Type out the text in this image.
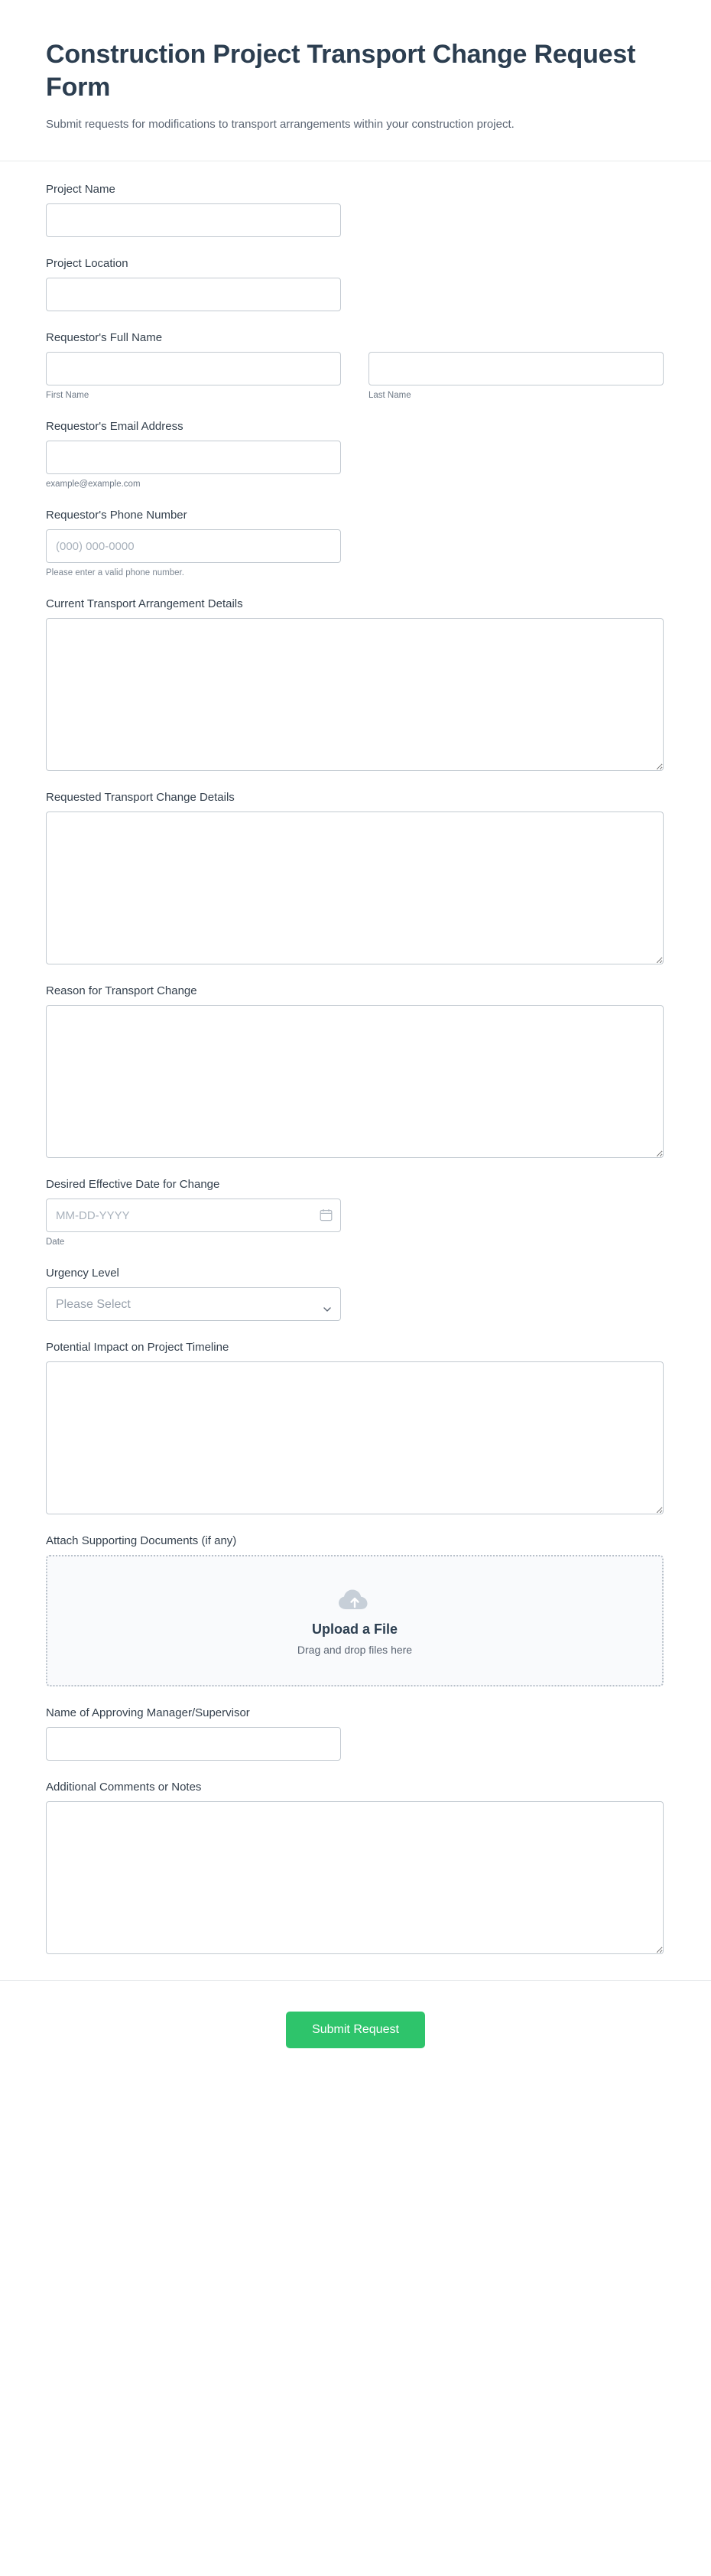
Construction Project Transport Change Request Form

Submit requests for modifications to transport arrangements within your construction project.

Project Name
Project Location
Requestor's Full Name
First Name	Last Name
Requestor's Email Address
example@example.com
Requestor's Phone Number
(000) 000-0000
Please enter a valid phone number.
Current Transport Arrangement Details
Requested Transport Change Details
Reason for Transport Change
Desired Effective Date for Change
MM-DD-YYYY
Date
Urgency Level
Please Select
Potential Impact on Project Timeline
Attach Supporting Documents (if any)
Upload a File
Drag and drop files here
Name of Approving Manager/Supervisor
Additional Comments or Notes
Submit Request
